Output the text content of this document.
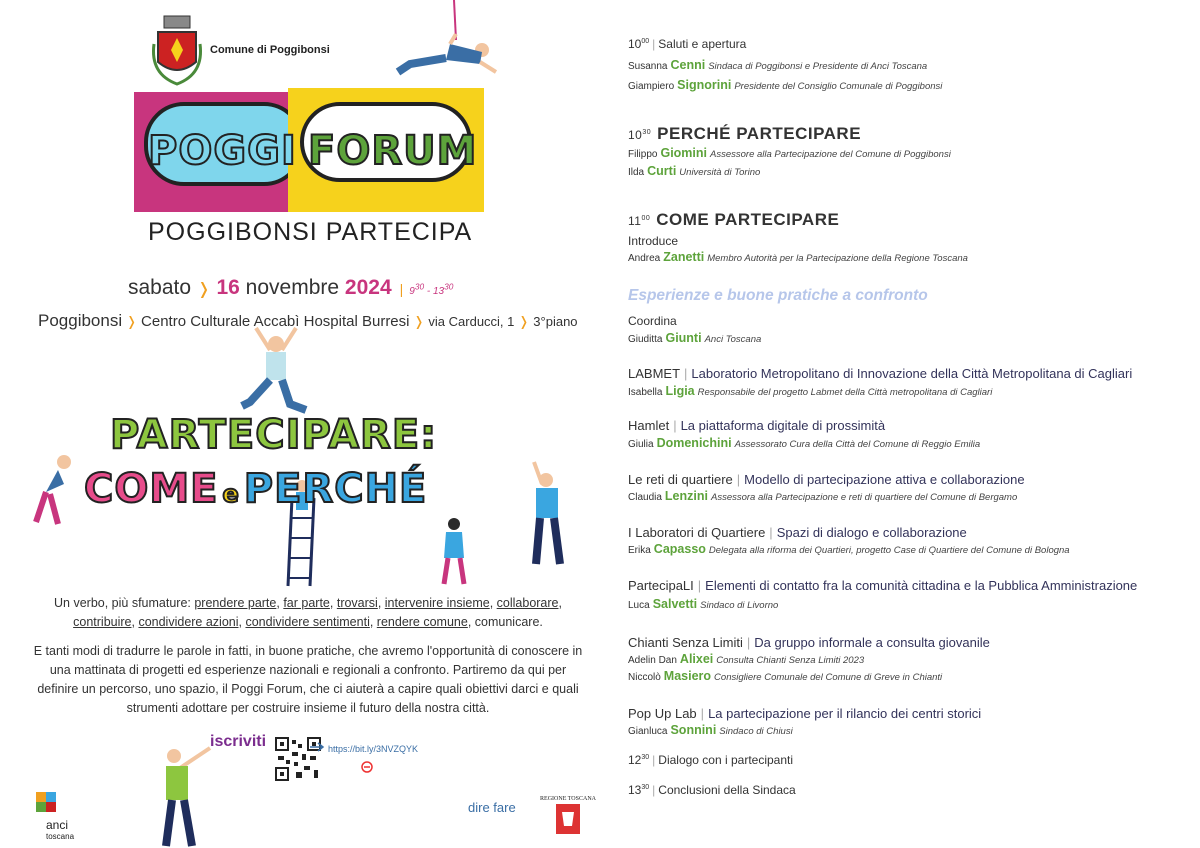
Comune di Poggibonsi
POGGI FORUM
POGGIBONSI PARTECIPA
sabato ❭ 16 novembre 2024 | $9^{30} - 13^{30}$
Poggibonsi ❭ Centro Culturale Accabì Hospital Burresi ❭ via Carducci, 1 ❭ 3°piano
PARTECIPARE:
COME e PERCHÉ
Un verbo, più sfumature: prendere parte, far parte, trovarsi, intervenire insieme, collaborare, contribuire, condividere azioni, condividere sentimenti, rendere comune, comunicare.
E tanti modi di tradurre le parole in fatti, in buone pratiche, che avremo l'opportunità di conoscere in una mattinata di progetti ed esperienze nazionali e regionali a confronto. Partiremo da qui per definire un percorso, uno spazio, il Poggi Forum, che ci aiuterà a capire quali obiettivi darci e quali strumenti adottare per costruire insieme il futuro della nostra città.
iscriviti	https://bit.ly/3NVZQYK
anci
toscana
dire fare
REGIONE TOSCANA
$10^{00}$ | Saluti e apertura
Susanna Cenni Sindaca di Poggibonsi e Presidente di Anci Toscana
Giampiero Signorini Presidente del Consiglio Comunale di Poggibonsi
$10^{30}$ PERCHÉ PARTECIPARE
Filippo Giomini Assessore alla Partecipazione del Comune di Poggibonsi
Ilda Curti Università di Torino
$11^{00}$ COME PARTECIPARE
Introduce
Andrea Zanetti Membro Autorità per la Partecipazione della Regione Toscana
Esperienze e buone pratiche a confronto
Coordina
Giuditta Giunti Anci Toscana
LABMET | Laboratorio Metropolitano di Innovazione della Città Metropolitana di Cagliari
Isabella Ligia Responsabile del progetto Labmet della Città metropolitana di Cagliari
Hamlet | La piattaforma digitale di prossimità
Giulia Domenichini Assessorato Cura della Città del Comune di Reggio Emilia
Le reti di quartiere | Modello di partecipazione attiva e collaborazione
Claudia Lenzini Assessora alla Partecipazione e reti di quartiere del Comune di Bergamo
I Laboratori di Quartiere | Spazi di dialogo e collaborazione
Erika Capasso Delegata alla riforma dei Quartieri, progetto Case di Quartiere del Comune di Bologna
PartecipaLI | Elementi di contatto fra la comunità cittadina e la Pubblica Amministrazione
Luca Salvetti Sindaco di Livorno
Chianti Senza Limiti | Da gruppo informale a consulta giovanile
Adelin Dan Alixei Consulta Chianti Senza Limiti 2023
Niccolò Masiero Consigliere Comunale del Comune di Greve in Chianti
Pop Up Lab | La partecipazione per il rilancio dei centri storici
Gianluca Sonnini Sindaco di Chiusi
$12^{30}$ | Dialogo con i partecipanti
$13^{30}$ | Conclusioni della Sindaca
